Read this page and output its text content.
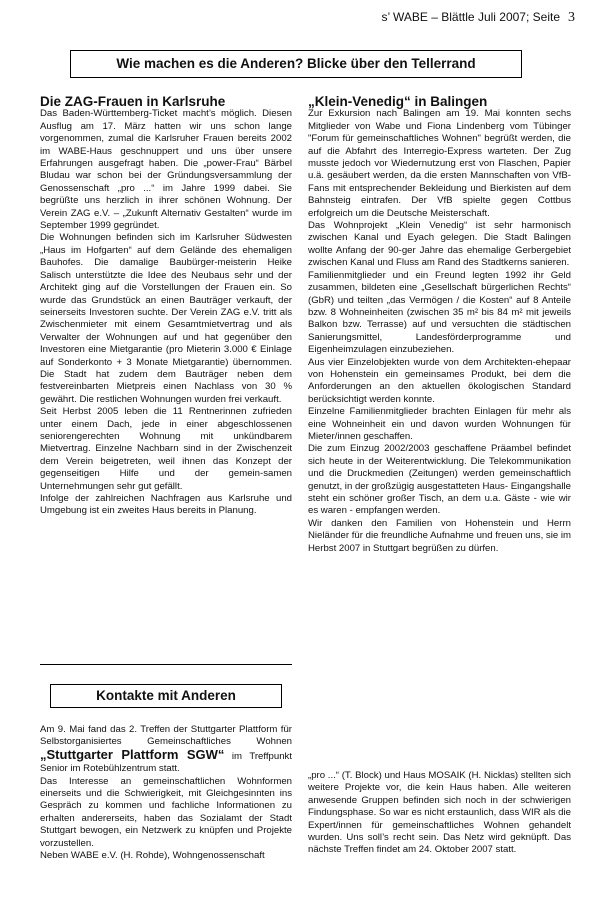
s’ WABE – Blättle Juli 2007; Seite 3
Wie machen es die Anderen? Blicke über den Tellerrand

Die ZAG-Frauen in Karlsruhe

Das Baden-Württemberg-Ticket macht’s möglich. Diesen Ausflug am 17. März hatten wir uns schon lange vorgenommen, zumal die Karlsruher Frauen bereits 2002 im WABE-Haus geschnuppert und uns über unsere Erfahrungen ausgefragt haben. Die „power-Frau“ Bärbel Bludau war schon bei der Gründungsversammlung der Genossenschaft „pro ...“ im Jahre 1999 dabei. Sie begrüßte uns herzlich in ihrer schönen Wohnung. Der Verein ZAG e.V. – „Zukunft Alternativ Gestalten“ wurde im September 1999 gegründet.

Die Wohnungen befinden sich im Karlsruher Südwesten „Haus im Hofgarten“ auf dem Gelände des ehemaligen Bauhofes. Die damalige Baubürger-meisterin Heike Salisch unterstützte die Idee des Neubaus sehr und der Architekt ging auf die Vorstellungen der Frauen ein. So wurde das Grundstück an einen Bauträger verkauft, der seinerseits Investoren suchte. Der Verein ZAG e.V. tritt als Zwischenmieter mit einem Gesamtmietvertrag und als Verwalter der Wohnungen auf und hat gegenüber den Investoren eine Mietgarantie (pro Mieterin 3.000 € Einlage auf Sonderkonto + 3 Monate Mietgarantie) übernommen. Die Stadt hat zudem dem Bauträger neben dem festvereinbarten Mietpreis einen Nachlass von 30 % gewährt. Die restlichen Wohnungen wurden frei verkauft.

Seit Herbst 2005 leben die 11 Rentnerinnen zufrieden unter einem Dach, jede in einer abgeschlossenen seniorengerechten Wohnung mit unkündbarem Mietvertrag. Einzelne Nachbarn sind in der Zwischenzeit dem Verein beigetreten, weil ihnen das Konzept der gegenseitigen Hilfe und der gemein-samen Unternehmungen sehr gut gefällt.

Infolge der zahlreichen Nachfragen aus Karlsruhe und Umgebung ist ein zweites Haus bereits in Planung.

Kontakte mit Anderen

Am 9. Mai fand das 2. Treffen der Stuttgarter Plattform für Selbstorganisiertes Gemeinschaftliches Wohnen „Stuttgarter Plattform SGW“ im Treffpunkt Senior im Rotebühlzentrum statt.

Das Interesse an gemeinschaftlichen Wohnformen einerseits und die Schwierigkeit, mit Gleichgesinnten ins Gespräch zu kommen und fachliche Informationen zu erhalten andererseits, haben das Sozialamt der Stadt Stuttgart bewogen, ein Netzwerk zu knüpfen und Projekte vorzustellen.

Neben WABE e.V. (H. Rohde), Wohngenossenschaft

„Klein-Venedig“ in Balingen

Zur Exkursion nach Balingen am 19. Mai konnten sechs Mitglieder von Wabe und Fiona Lindenberg vom Tübinger "Forum für gemeinschaftliches Wohnen" begrüßt werden, die auf die Abfahrt des Interregio-Express warteten. Der Zug musste jedoch vor Wiedernutzung erst von Flaschen, Papier u.ä. gesäubert werden, da die ersten Mannschaften von VfB-Fans mit entsprechender Bekleidung und Bierkisten auf dem Bahnsteig eintrafen. Der VfB spielte gegen Cottbus erfolgreich um die Deutsche Meisterschaft.

Das Wohnprojekt „Klein Venedig“ ist sehr harmonisch zwischen Kanal und Eyach gelegen. Die Stadt Balingen wollte Anfang der 90-ger Jahre das ehemalige Gerbergebiet zwischen Kanal und Fluss am Rand des Stadtkerns sanieren.

Familienmitglieder und ein Freund legten 1992 ihr Geld zusammen, bildeten eine „Gesellschaft bürgerlichen Rechts“ (GbR) und teilten „das Vermögen / die Kosten“ auf 8 Anteile bzw. 8 Wohneinheiten (zwischen 35 m² bis 84 m² mit jeweils Balkon bzw. Terrasse) auf und versuchten die städtischen Sanierungsmittel, Landesförderprogramme und Eigenheimzulagen einzubeziehen.

Aus vier Einzelobjekten wurde von dem Architekten-ehepaar von Hohenstein ein gemeinsames Produkt, bei dem die Anforderungen an den aktuellen ökologischen Standard berücksichtigt werden konnte.

Einzelne Familienmitglieder brachten Einlagen für mehr als eine Wohneinheit ein und davon wurden Wohnungen für Mieter/innen geschaffen.

Die zum Einzug 2002/2003 geschaffene Präambel befindet sich heute in der Weiterentwicklung. Die Telekommunikation und die Druckmedien (Zeitungen) werden gemeinschaftlich genutzt, in der großzügig ausgestatteten Haus- Eingangshalle steht ein schöner großer Tisch, an dem u.a. Gäste - wie wir es waren - empfangen werden.

Wir danken den Familien von Hohenstein und Herrn Nieländer für die freundliche Aufnahme und freuen uns, sie im Herbst 2007 in Stuttgart begrüßen zu dürfen.

„pro ...“ (T. Block) und Haus MOSAIK (H. Nicklas) stellten sich weitere Projekte vor, die kein Haus haben. Alle weiteren anwesende Gruppen befinden sich noch in der schwierigen Findungsphase. So war es nicht erstaunlich, dass WIR als die Expert/innen für gemeinschaftliches Wohnen gehandelt wurden. Uns soll’s recht sein. Das Netz wird geknüpft. Das nächste Treffen findet am 24. Oktober 2007 statt.
